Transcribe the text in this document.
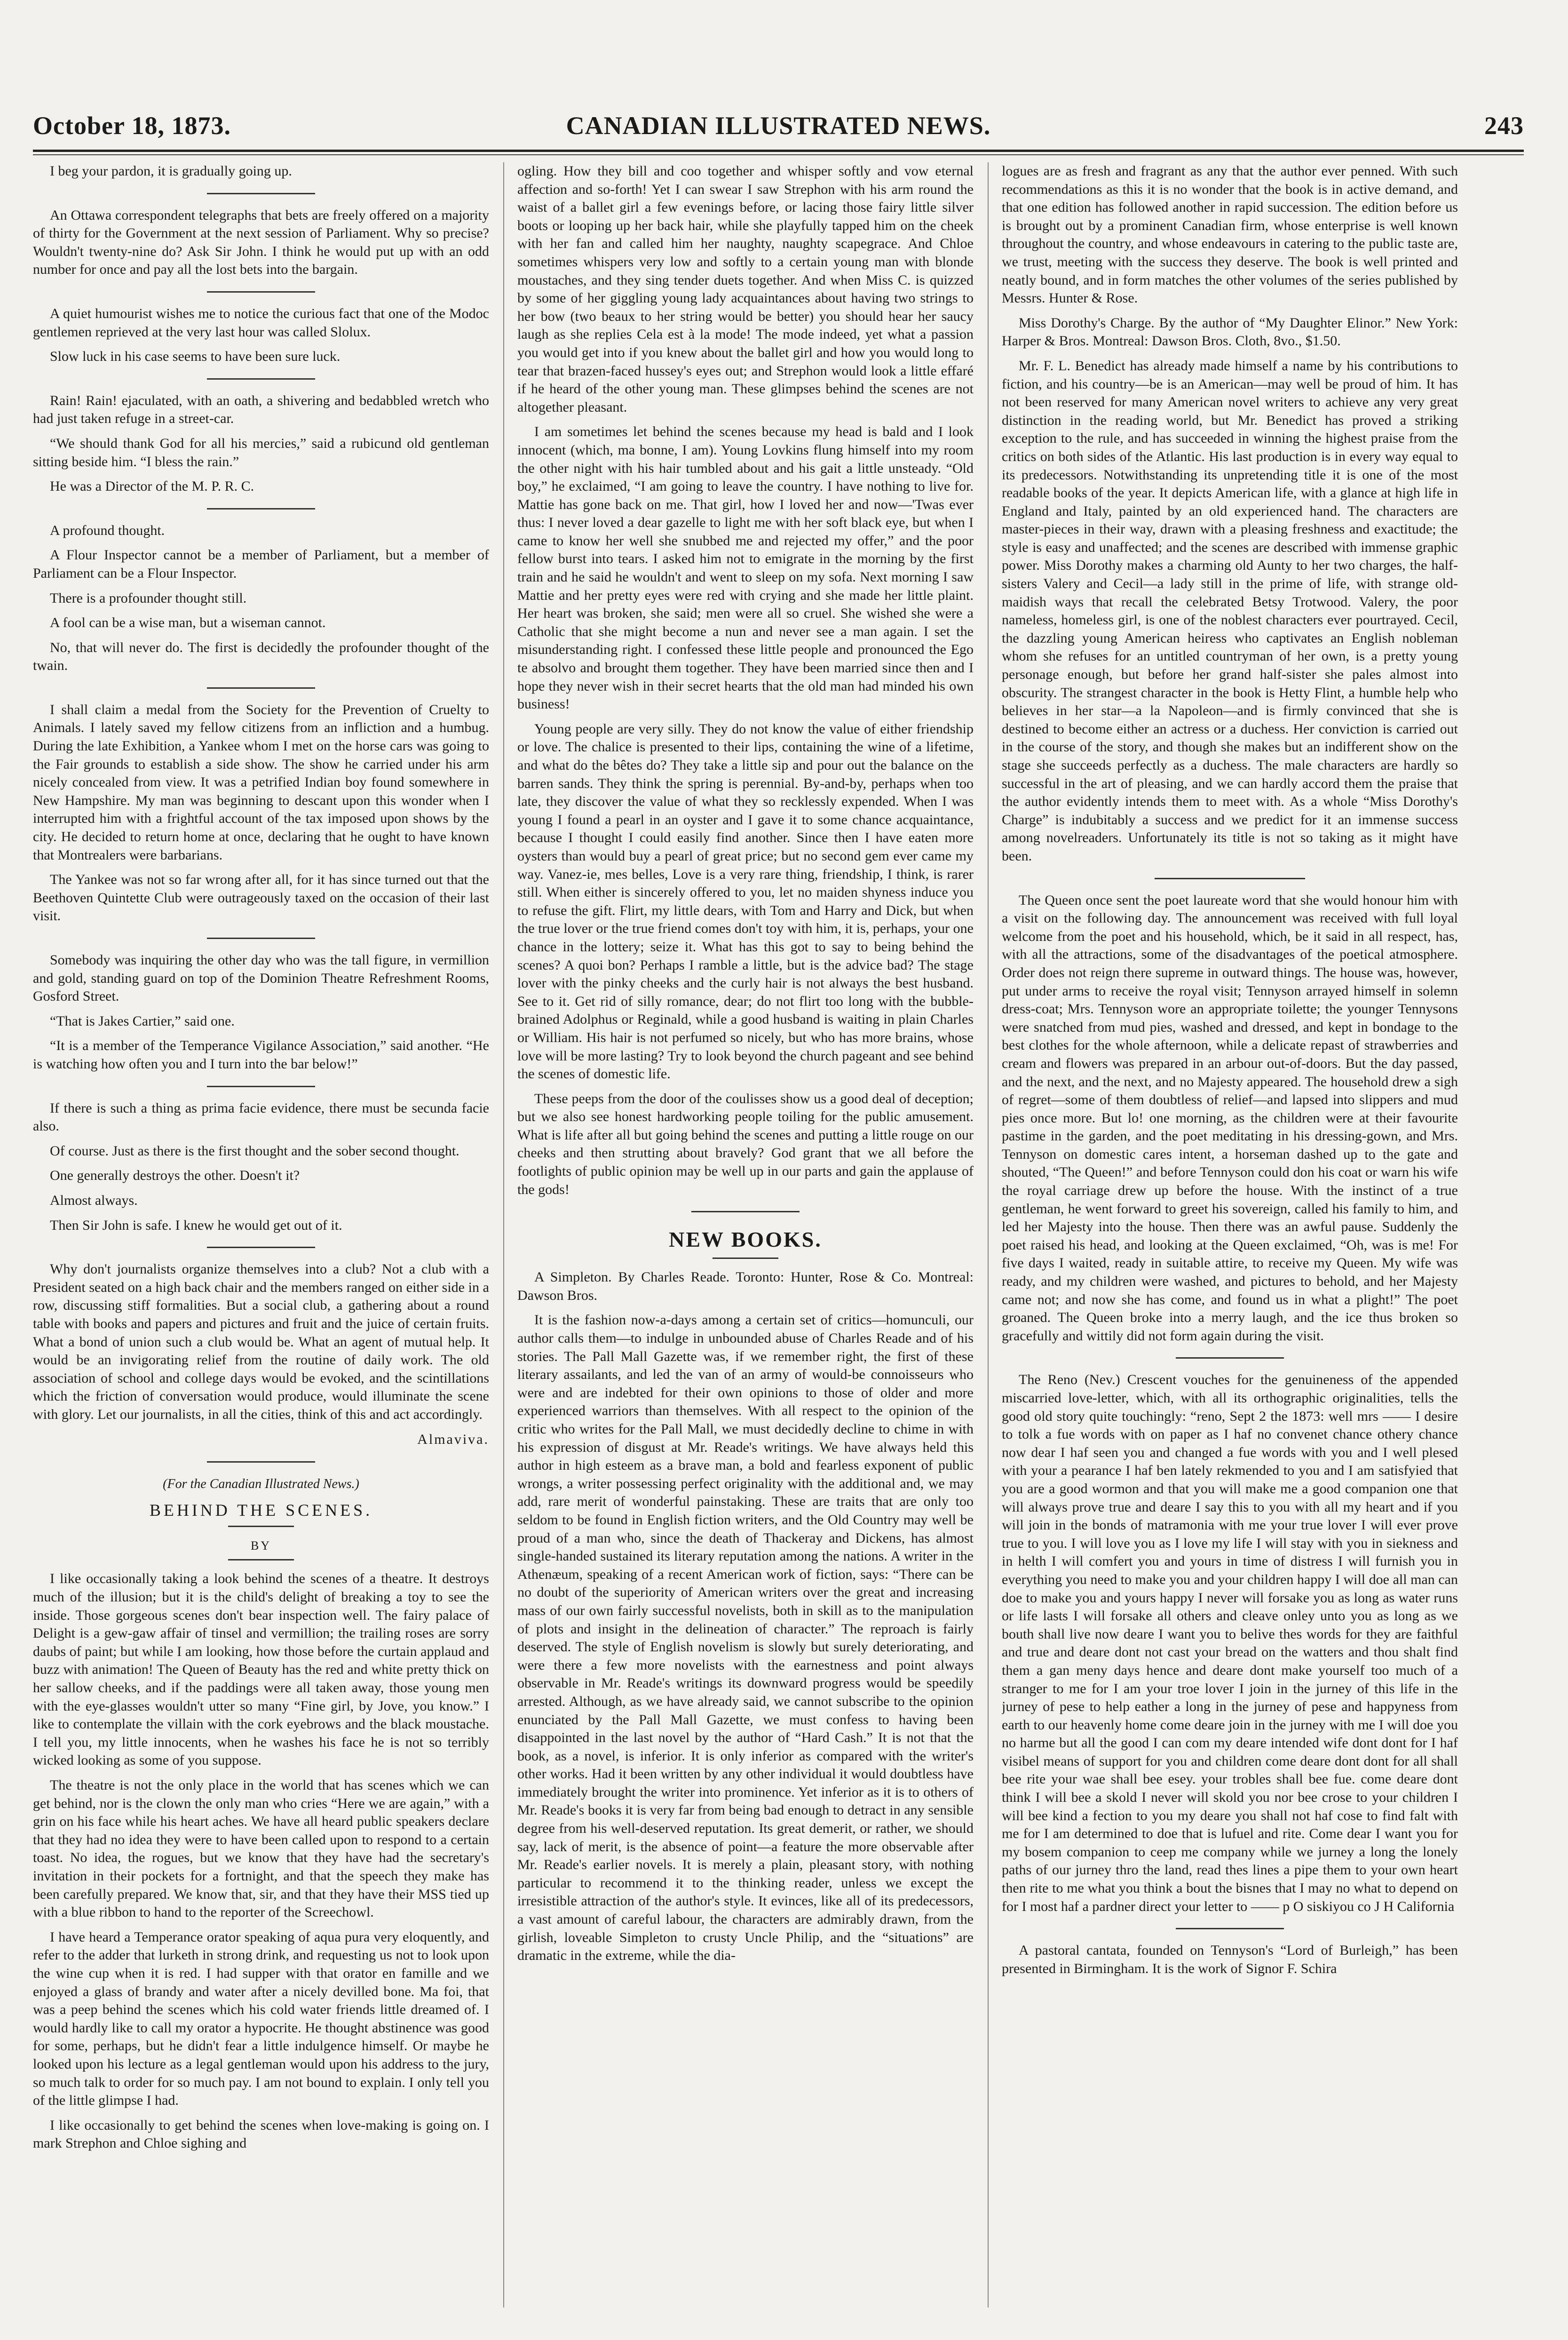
CANADIAN ILLUSTRATED NEWS.
October 18, 1873.	243

I beg your pardon, it is gradually going up.

An Ottawa correspondent telegraphs that bets are freely offered on a majority of thirty for the Government at the next session of Parliament. Why so precise? Wouldn't twenty-nine do? Ask Sir John. I think he would put up with an odd number for once and pay all the lost bets into the bargain.

A quiet humourist wishes me to notice the curious fact that one of the Modoc gentlemen reprieved at the very last hour was called Slolux.

Slow luck in his case seems to have been sure luck.

Rain! Rain! ejaculated, with an oath, a shivering and bedabbled wretch who had just taken refuge in a street-car.

“We should thank God for all his mercies,” said a rubicund old gentleman sitting beside him. “I bless the rain.”

He was a Director of the M. P. R. C.

A profound thought.

A Flour Inspector cannot be a member of Parliament, but a member of Parliament can be a Flour Inspector.

There is a profounder thought still.

A fool can be a wise man, but a wiseman cannot.

No, that will never do. The first is decidedly the profounder thought of the twain.

I shall claim a medal from the Society for the Prevention of Cruelty to Animals. I lately saved my fellow citizens from an infliction and a humbug. During the late Exhibition, a Yankee whom I met on the horse cars was going to the Fair grounds to establish a side show. The show he carried under his arm nicely concealed from view. It was a petrified Indian boy found somewhere in New Hampshire. My man was beginning to descant upon this wonder when I interrupted him with a frightful account of the tax imposed upon shows by the city. He decided to return home at once, declaring that he ought to have known that Montrealers were barbarians.

The Yankee was not so far wrong after all, for it has since turned out that the Beethoven Quintette Club were outrageously taxed on the occasion of their last visit.

Somebody was inquiring the other day who was the tall figure, in vermillion and gold, standing guard on top of the Dominion Theatre Refreshment Rooms, Gosford Street.

“That is Jakes Cartier,” said one.

“It is a member of the Temperance Vigilance Association,” said another. “He is watching how often you and I turn into the bar below!”

If there is such a thing as prima facie evidence, there must be secunda facie also.

Of course. Just as there is the first thought and the sober second thought.

One generally destroys the other. Doesn't it?

Almost always.

Then Sir John is safe. I knew he would get out of it.

Why don't journalists organize themselves into a club? Not a club with a President seated on a high back chair and the members ranged on either side in a row, discussing stiff formalities. But a social club, a gathering about a round table with books and papers and pictures and fruit and the juice of certain fruits. What a bond of union such a club would be. What an agent of mutual help. It would be an invigorating relief from the routine of daily work. The old association of school and college days would be evoked, and the scintillations which the friction of conversation would produce, would illuminate the scene with glory. Let our journalists, in all the cities, think of this and act accordingly.

Almaviva.
(For the Canadian Illustrated News.)
BEHIND THE SCENES.
BY

I like occasionally taking a look behind the scenes of a theatre. It destroys much of the illusion; but it is the child's delight of breaking a toy to see the inside. Those gorgeous scenes don't bear inspection well. The fairy palace of Delight is a gew-gaw affair of tinsel and vermillion; the trailing roses are sorry daubs of paint; but while I am looking, how those before the curtain applaud and buzz with animation! The Queen of Beauty has the red and white pretty thick on her sallow cheeks, and if the paddings were all taken away, those young men with the eye-glasses wouldn't utter so many “Fine girl, by Jove, you know.” I like to contemplate the villain with the cork eyebrows and the black moustache. I tell you, my little innocents, when he washes his face he is not so terribly wicked looking as some of you suppose.

The theatre is not the only place in the world that has scenes which we can get behind, nor is the clown the only man who cries “Here we are again,” with a grin on his face while his heart aches. We have all heard public speakers declare that they had no idea they were to have been called upon to respond to a certain toast. No idea, the rogues, but we know that they have had the secretary's invitation in their pockets for a fortnight, and that the speech they make has been carefully prepared. We know that, sir, and that they have their MSS tied up with a blue ribbon to hand to the reporter of the Screechowl.

I have heard a Temperance orator speaking of aqua pura very eloquently, and refer to the adder that lurketh in strong drink, and requesting us not to look upon the wine cup when it is red. I had supper with that orator en famille and we enjoyed a glass of brandy and water after a nicely devilled bone. Ma foi, that was a peep behind the scenes which his cold water friends little dreamed of. I would hardly like to call my orator a hypocrite. He thought abstinence was good for some, perhaps, but he didn't fear a little indulgence himself. Or maybe he looked upon his lecture as a legal gentleman would upon his address to the jury, so much talk to order for so much pay. I am not bound to explain. I only tell you of the little glimpse I had.

I like occasionally to get behind the scenes when love-making is going on. I mark Strephon and Chloe sighing and

ogling. How they bill and coo together and whisper softly and vow eternal affection and so-forth! Yet I can swear I saw Strephon with his arm round the waist of a ballet girl a few evenings before, or lacing those fairy little silver boots or looping up her back hair, while she playfully tapped him on the cheek with her fan and called him her naughty, naughty scapegrace. And Chloe sometimes whispers very low and softly to a certain young man with blonde moustaches, and they sing tender duets together. And when Miss C. is quizzed by some of her giggling young lady acquaintances about having two strings to her bow (two beaux to her string would be better) you should hear her saucy laugh as she replies Cela est à la mode! The mode indeed, yet what a passion you would get into if you knew about the ballet girl and how you would long to tear that brazen-faced hussey's eyes out; and Strephon would look a little effaré if he heard of the other young man. These glimpses behind the scenes are not altogether pleasant.

I am sometimes let behind the scenes because my head is bald and I look innocent (which, ma bonne, I am). Young Lovkins flung himself into my room the other night with his hair tumbled about and his gait a little unsteady. “Old boy,” he exclaimed, “I am going to leave the country. I have nothing to live for. Mattie has gone back on me. That girl, how I loved her and now—'Twas ever thus: I never loved a dear gazelle to light me with her soft black eye, but when I came to know her well she snubbed me and rejected my offer,” and the poor fellow burst into tears. I asked him not to emigrate in the morning by the first train and he said he wouldn't and went to sleep on my sofa. Next morning I saw Mattie and her pretty eyes were red with crying and she made her little plaint. Her heart was broken, she said; men were all so cruel. She wished she were a Catholic that she might become a nun and never see a man again. I set the misunderstanding right. I confessed these little people and pronounced the Ego te absolvo and brought them together. They have been married since then and I hope they never wish in their secret hearts that the old man had minded his own business!

Young people are very silly. They do not know the value of either friendship or love. The chalice is presented to their lips, containing the wine of a lifetime, and what do the bêtes do? They take a little sip and pour out the balance on the barren sands. They think the spring is perennial. By-and-by, perhaps when too late, they discover the value of what they so recklessly expended. When I was young I found a pearl in an oyster and I gave it to some chance acquaintance, because I thought I could easily find another. Since then I have eaten more oysters than would buy a pearl of great price; but no second gem ever came my way. Vanez-ie, mes belles, Love is a very rare thing, friendship, I think, is rarer still. When either is sincerely offered to you, let no maiden shyness induce you to refuse the gift. Flirt, my little dears, with Tom and Harry and Dick, but when the true lover or the true friend comes don't toy with him, it is, perhaps, your one chance in the lottery; seize it. What has this got to say to being behind the scenes? A quoi bon? Perhaps I ramble a little, but is the advice bad? The stage lover with the pinky cheeks and the curly hair is not always the best husband. See to it. Get rid of silly romance, dear; do not flirt too long with the bubble-brained Adolphus or Reginald, while a good husband is waiting in plain Charles or William. His hair is not perfumed so nicely, but who has more brains, whose love will be more lasting? Try to look beyond the church pageant and see behind the scenes of domestic life.

These peeps from the door of the coulisses show us a good deal of deception; but we also see honest hardworking people toiling for the public amusement. What is life after all but going behind the scenes and putting a little rouge on our cheeks and then strutting about bravely? God grant that we all before the footlights of public opinion may be well up in our parts and gain the applause of the gods!

NEW BOOKS.

A Simpleton. By Charles Reade. Toronto: Hunter, Rose & Co. Montreal: Dawson Bros.

It is the fashion now-a-days among a certain set of critics—homunculi, our author calls them—to indulge in unbounded abuse of Charles Reade and of his stories. The Pall Mall Gazette was, if we remember right, the first of these literary assailants, and led the van of an army of would-be connoisseurs who were and are indebted for their own opinions to those of older and more experienced warriors than themselves. With all respect to the opinion of the critic who writes for the Pall Mall, we must decidedly decline to chime in with his expression of disgust at Mr. Reade's writings. We have always held this author in high esteem as a brave man, a bold and fearless exponent of public wrongs, a writer possessing perfect originality with the additional and, we may add, rare merit of wonderful painstaking. These are traits that are only too seldom to be found in English fiction writers, and the Old Country may well be proud of a man who, since the death of Thackeray and Dickens, has almost single-handed sustained its literary reputation among the nations. A writer in the Athenæum, speaking of a recent American work of fiction, says: “There can be no doubt of the superiority of American writers over the great and increasing mass of our own fairly successful novelists, both in skill as to the manipulation of plots and insight in the delineation of character.” The reproach is fairly deserved. The style of English novelism is slowly but surely deteriorating, and were there a few more novelists with the earnestness and point always observable in Mr. Reade's writings its downward progress would be speedily arrested. Although, as we have already said, we cannot subscribe to the opinion enunciated by the Pall Mall Gazette, we must confess to having been disappointed in the last novel by the author of “Hard Cash.” It is not that the book, as a novel, is inferior. It is only inferior as compared with the writer's other works. Had it been written by any other individual it would doubtless have immediately brought the writer into prominence. Yet inferior as it is to others of Mr. Reade's books it is very far from being bad enough to detract in any sensible degree from his well-deserved reputation. Its great demerit, or rather, we should say, lack of merit, is the absence of point—a feature the more observable after Mr. Reade's earlier novels. It is merely a plain, pleasant story, with nothing particular to recommend it to the thinking reader, unless we except the irresistible attraction of the author's style. It evinces, like all of its predecessors, a vast amount of careful labour, the characters are admirably drawn, from the girlish, loveable Simpleton to crusty Uncle Philip, and the “situations” are dramatic in the extreme, while the dia-

logues are as fresh and fragrant as any that the author ever penned. With such recommendations as this it is no wonder that the book is in active demand, and that one edition has followed another in rapid succession. The edition before us is brought out by a prominent Canadian firm, whose enterprise is well known throughout the country, and whose endeavours in catering to the public taste are, we trust, meeting with the success they deserve. The book is well printed and neatly bound, and in form matches the other volumes of the series published by Messrs. Hunter & Rose.

Miss Dorothy's Charge. By the author of “My Daughter Elinor.” New York: Harper & Bros. Montreal: Dawson Bros. Cloth, 8vo., $1.50.

Mr. F. L. Benedict has already made himself a name by his contributions to fiction, and his country—be is an American—may well be proud of him. It has not been reserved for many American novel writers to achieve any very great distinction in the reading world, but Mr. Benedict has proved a striking exception to the rule, and has succeeded in winning the highest praise from the critics on both sides of the Atlantic. His last production is in every way equal to its predecessors. Notwithstanding its unpretending title it is one of the most readable books of the year. It depicts American life, with a glance at high life in England and Italy, painted by an old experienced hand. The characters are master-pieces in their way, drawn with a pleasing freshness and exactitude; the style is easy and unaffected; and the scenes are described with immense graphic power. Miss Dorothy makes a charming old Aunty to her two charges, the half-sisters Valery and Cecil—a lady still in the prime of life, with strange old-maidish ways that recall the celebrated Betsy Trotwood. Valery, the poor nameless, homeless girl, is one of the noblest characters ever pourtrayed. Cecil, the dazzling young American heiress who captivates an English nobleman whom she refuses for an untitled countryman of her own, is a pretty young personage enough, but before her grand half-sister she pales almost into obscurity. The strangest character in the book is Hetty Flint, a humble help who believes in her star—a la Napoleon—and is firmly convinced that she is destined to become either an actress or a duchess. Her conviction is carried out in the course of the story, and though she makes but an indifferent show on the stage she succeeds perfectly as a duchess. The male characters are hardly so successful in the art of pleasing, and we can hardly accord them the praise that the author evidently intends them to meet with. As a whole “Miss Dorothy's Charge” is indubitably a success and we predict for it an immense success among novelreaders. Unfortunately its title is not so taking as it might have been.

The Queen once sent the poet laureate word that she would honour him with a visit on the following day. The announcement was received with full loyal welcome from the poet and his household, which, be it said in all respect, has, with all the attractions, some of the disadvantages of the poetical atmosphere. Order does not reign there supreme in outward things. The house was, however, put under arms to receive the royal visit; Tennyson arrayed himself in solemn dress-coat; Mrs. Tennyson wore an appropriate toilette; the younger Tennysons were snatched from mud pies, washed and dressed, and kept in bondage to the best clothes for the whole afternoon, while a delicate repast of strawberries and cream and flowers was prepared in an arbour out-of-doors. But the day passed, and the next, and the next, and no Majesty appeared. The household drew a sigh of regret—some of them doubtless of relief—and lapsed into slippers and mud pies once more. But lo! one morning, as the children were at their favourite pastime in the garden, and the poet meditating in his dressing-gown, and Mrs. Tennyson on domestic cares intent, a horseman dashed up to the gate and shouted, “The Queen!” and before Tennyson could don his coat or warn his wife the royal carriage drew up before the house. With the instinct of a true gentleman, he went forward to greet his sovereign, called his family to him, and led her Majesty into the house. Then there was an awful pause. Suddenly the poet raised his head, and looking at the Queen exclaimed, “Oh, was is me! For five days I waited, ready in suitable attire, to receive my Queen. My wife was ready, and my children were washed, and pictures to behold, and her Majesty came not; and now she has come, and found us in what a plight!” The poet groaned. The Queen broke into a merry laugh, and the ice thus broken so gracefully and wittily did not form again during the visit.

The Reno (Nev.) Crescent vouches for the genuineness of the appended miscarried love-letter, which, with all its orthographic originalities, tells the good old story quite touchingly: “reno, Sept 2 the 1873: well mrs —— I desire to tolk a fue words with on paper as I haf no convenet chance othery chance now dear I haf seen you and changed a fue words with you and I well plesed with your a pearance I haf ben lately rekmended to you and I am satisfyied that you are a good wormon and that you will make me a good companion one that will always prove true and deare I say this to you with all my heart and if you will join in the bonds of matramonia with me your true lover I will ever prove true to you. I will love you as I love my life I will stay with you in siekness and in helth I will comfert you and yours in time of distress I will furnish you in everything you need to make you and your children happy I will doe all man can doe to make you and yours happy I never will forsake you as long as water runs or life lasts I will forsake all others and cleave onley unto you as long as we bouth shall live now deare I want you to belive thes words for they are faithful and true and deare dont not cast your bread on the watters and thou shalt find them a gan meny days hence and deare dont make yourself too much of a stranger to me for I am your troe lover I join in the jurney of this life in the jurney of pese to help eather a long in the jurney of pese and happyness from earth to our heavenly home come deare join in the jurney with me I will doe you no harme but all the good I can com my deare intended wife dont dont for I haf visibel means of support for you and children come deare dont dont for all shall bee rite your wae shall bee esey. your trobles shall bee fue. come deare dont think I will bee a skold I never will skold you nor bee crose to your children I will bee kind a fection to you my deare you shall not haf cose to find falt with me for I am determined to doe that is lufuel and rite. Come dear I want you for my bosem companion to ceep me company while we jurney a long the lonely paths of our jurney thro the land, read thes lines a pipe them to your own heart then rite to me what you think a bout the bisnes that I may no what to depend on for I most haf a pardner direct your letter to —— p O siskiyou co J H California

A pastoral cantata, founded on Tennyson's “Lord of Burleigh,” has been presented in Birmingham. It is the work of Signor F. Schira
